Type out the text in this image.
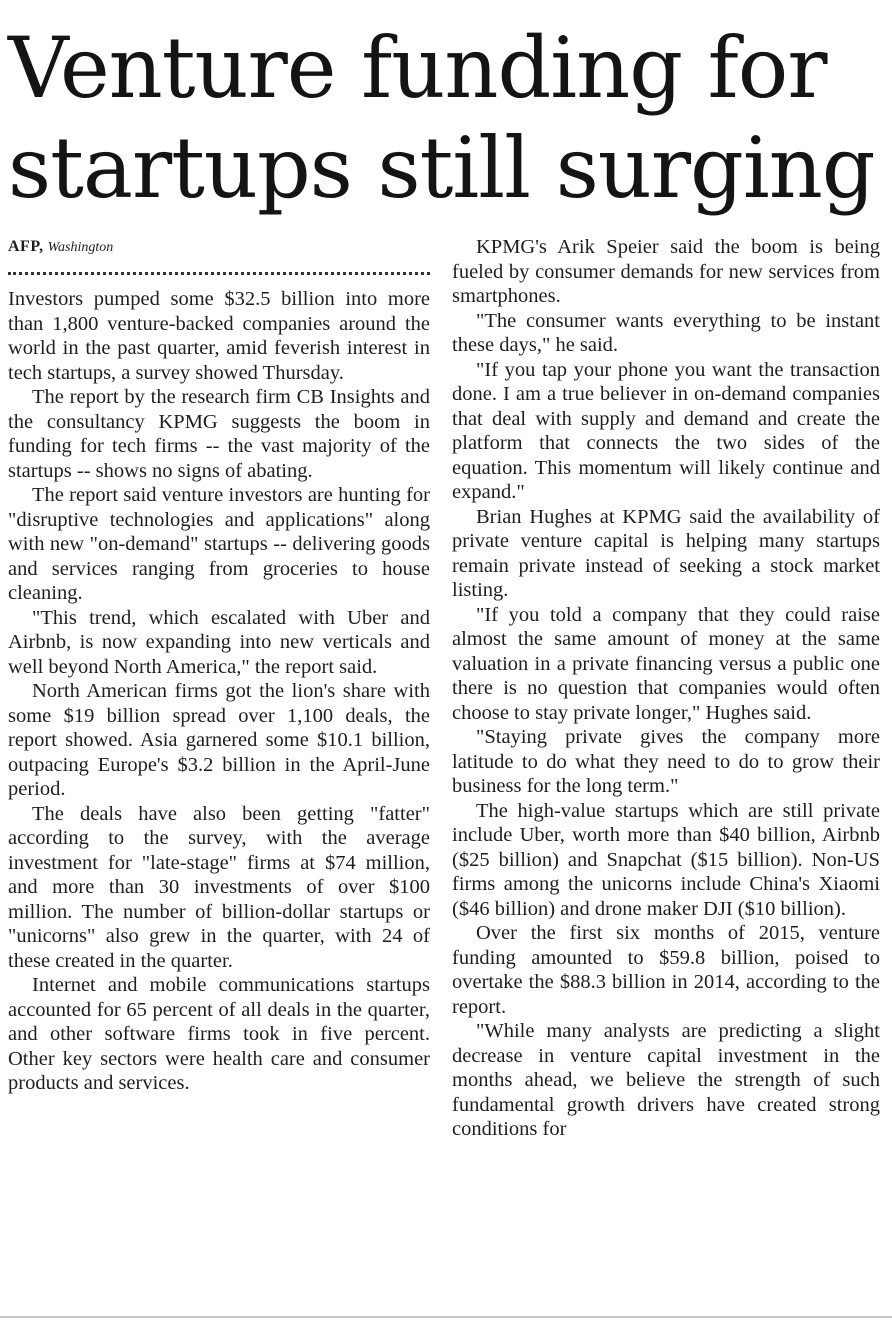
Venture funding for
startups still surging
AFP, Washington

Investors pumped some $32.5 billion into more than 1,800 venture-backed companies around the world in the past quarter, amid feverish interest in tech startups, a survey showed Thursday.

The report by the research firm CB Insights and the consultancy KPMG suggests the boom in funding for tech firms -- the vast majority of the startups -- shows no signs of abating.

The report said venture investors are hunting for "disruptive technologies and applications" along with new "on-demand" startups -- delivering goods and services ranging from groceries to house cleaning.

"This trend, which escalated with Uber and Airbnb, is now expanding into new verticals and well beyond North America," the report said.

North American firms got the lion's share with some $19 billion spread over 1,100 deals, the report showed. Asia garnered some $10.1 billion, outpacing Europe's $3.2 billion in the April-June period.

The deals have also been getting "fatter" according to the survey, with the average investment for "late-stage" firms at $74 million, and more than 30 investments of over $100 million. The number of billion-dollar startups or "unicorns" also grew in the quarter, with 24 of these created in the quarter.

Internet and mobile communications startups accounted for 65 percent of all deals in the quarter, and other software firms took in five percent. Other key sectors were health care and consumer products and services.

KPMG's Arik Speier said the boom is being fueled by consumer demands for new services from smartphones.

"The consumer wants everything to be instant these days," he said.

"If you tap your phone you want the transaction done. I am a true believer in on-demand companies that deal with supply and demand and create the platform that connects the two sides of the equation. This momentum will likely continue and expand."

Brian Hughes at KPMG said the availability of private venture capital is helping many startups remain private instead of seeking a stock market listing.

"If you told a company that they could raise almost the same amount of money at the same valuation in a private financing versus a public one there is no question that companies would often choose to stay private longer," Hughes said.

"Staying private gives the company more latitude to do what they need to do to grow their business for the long term."

The high-value startups which are still private include Uber, worth more than $40 billion, Airbnb ($25 billion) and Snapchat ($15 billion). Non-US firms among the unicorns include China's Xiaomi ($46 billion) and drone maker DJI ($10 billion).

Over the first six months of 2015, venture funding amounted to $59.8 billion, poised to overtake the $88.3 billion in 2014, according to the report.

"While many analysts are predicting a slight decrease in venture capital investment in the months ahead, we believe the strength of such fundamental growth drivers have created strong conditions for
